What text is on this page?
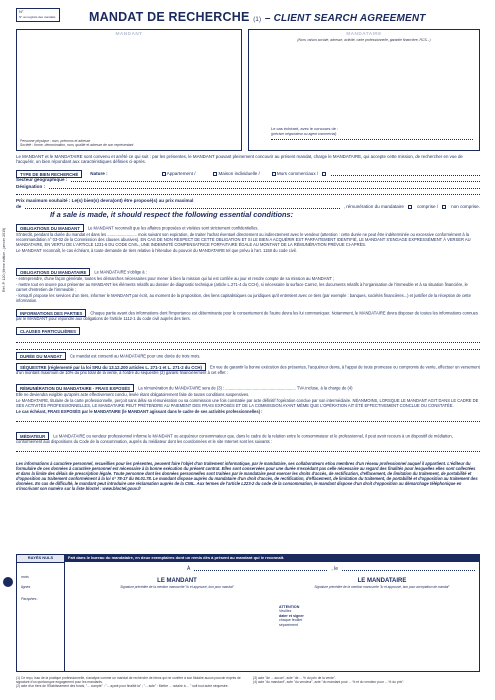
Réf. P. 120 (6ème édition - janvier 2019)
N°
N° au registre des mandats	MANDAT DE RECHERCHE (1) – CLIENT SEARCH AGREEMENT
MANDANT
Personne physique : nom, prénoms et adresse
Société : forme, dénomination, nom, qualité et adresse de son représentant
MANDATAIRE
(Nom, raison sociale, adresse, activité, carte professionnelle, garantie financière, RCS...)
Le cas échéant, avec le concours de :
(préciser négociateur ou agent commercial)
Le MANDANT et le MANDATAIRE sont convenu et arrêté ce qui suit : par les présentes, le MANDANT pouvant pleinement concourir au présent mandat, charge le MANDATAIRE, qui accepte cette mission, de rechercher en vue de l'acquérir, un bien répondant aux caractéristiques définies ci-après.
TYPE DE BIEN RECHERCHÉ	Nature :	Appartement /	Maison individuelle /	Murs commerciaux /
Secteur géographique :
Désignation :
Prix maximum souhaité : Le(s) bien(s) devra(ont) être proposé(s) au prix maximal
de	, rémunération du mandataire	comprise /	non comprise.
If a sale is made, it should respect the following essential conditions:

OBLIGATIONS DU MANDANT Le MANDANT reconnaît que les affaires proposées et visitées sont strictement confidentielles.

S'interdit, pendant la durée du mandat et dans les .......................... mois suivant son expiration, de traiter l'achat éventuel directement ou indirectement avec le vendeur (attention : cette durée ne peut être indéterminée ou excessive conformément à la recommandation n° 03-02 de la Commission des clauses abusives). EN CAS DE NON RESPECT DE CETTE OBLIGATION ET SI LE BIEN A ACQUÉRIR EST PARFAITEMENT IDENTIFIÉ, LE MANDANT S'ENGAGE EXPRESSÉMENT À VERSER AU MANDATAIRE, EN VERTU DE L'ARTICLE 1231-5 DU CODE CIVIL, UNE INDEMNITÉ COMPENSATRICE FORFAITAIRE ÉGALE AU MONTANT DE LA RÉMUNÉRATION PRÉVUE CI-APRÈS.

Le MANDANT reconnaît, le cas échéant, à toute demande de tiers relative à l'étendue du pouvoir du MANDATAIRE tel que prévu à l'art. 1158 du code civil.

OBLIGATIONS DU MANDATAIRE Le MANDATAIRE s'oblige à :

- entreprendre, d'une façon générale, toutes les démarches nécessaires pour mener à bien la mission qui lui est confiée au jour et rendre compte de sa mission au MANDANT ;

- mettre tout en œuvre pour présenter au MANDANT les éléments relatifs au dossier de diagnostic technique (article L.271-4 du CCH), si nécessaire la surface Carrez, les documents relatifs à l'organisation de l'immeuble et à sa situation financière, le carnet d'entretien de l'immeuble ;

- lorsqu'il propose les services d'un tiers, informer le MANDANT par écrit, au moment de la proposition, des liens capitalistiques ou juridiques qu'il entretient avec ce tiers (par exemple : banques, sociétés financières...) et justifier de la réception de cette information.

INFORMATIONS DES PARTIES Chaque partie avant des informations dont l'importance est déterminante pour le consentement de l'autre devra les lui communiquer. Notamment, le MANDATAIRE devra disposer de toutes les informations connues par le MANDANT pour répondre aux obligations de l'article 1112-1 du code civil auprès des tiers.

CLAUSES PARTICULIÈRES

DURÉE DU MANDAT Ce mandat est consenti au MANDATAIRE pour une durée de trois mois.

SÉQUESTRE (réglementé par la loi SRU du 13.12.200 articles L. 271-1 et L. 271-2 du CCH) En vue de garantir la bonne exécution des présentes, l'acquéreur devra, à l'appui de toute promesse ou compromis de vente, effectuer un versement d'un montant maximum de 10% du prix total de la vente, à l'ordre du séquestre (2) garanti financièrement à cet effet :

RÉMUNÉRATION DU MANDATAIRE - FRAIS EXPOSÉS La rémunération du MANDATAIRE sera de (3) : .............................................................. TVA incluse, à la charge de (4)

Elle ne deviendra exigible qu'après acte effectivement conclu, levée étant obligatoirement faite de toutes conditions suspensives.

Le MANDATAIRE, titulaire de la carte professionnelle, perçoit sans délai sa rémunération ou sa commission une fois constatée par acte définitif l'opération conclue par son intermédiaire. NÉANMOINS, LORSQUE LE MANDANT AGIT DANS LE CADRE DE SES ACTIVITÉS PROFESSIONNELLES, LE MANDATAIRE PEUT PRÉTENDRE AU PAIEMENT DES FRAIS EXPOSÉS ET DE LA COMMISSION AYANT MÊME QUE L'OPÉRATION AIT ÉTÉ EFFECTIVEMENT CONCLUE OU CONSTATÉE.

Le cas échéant, FRAIS EXPOSÉS par le MANDATAIRE (le MANDANT agissant dans le cadre de ses activités professionnelles) :

MÉDIATEUR Le MANDATAIRE ou vendeur professionnel informe le MANDANT ou acquéreur consommateur que, dans le cadre de la relation entre le consommateur et le professionnel, il peut avoir recours à un dispositif de médiation, conformément aux dispositions du Code de la consommation, auprès du médiateur dont les coordonnées et le site Internet sont les suivants :

Les informations à caractère personnel, recueillies pour les présentes, peuvent faire l'objet d'un traitement informatique, par le mandataire, ses collaborateurs et/ou membres d'un réseau professionnel auquel il appartient. L'éditeur du formulaire de ces données à caractère personnel est nécessaire à la bonne exécution du présent contrat. Elles sont conservées pour une durée n'excédant pas celle nécessaire au regard des finalités pour lesquelles elles sont collectées et dans la limite des délais de prescription légale. Toute personne dont les données personnelles sont traitées par le mandataire peut exercer les droits d'accès, de rectification, d'effacement, de limitation du traitement, de portabilité et d'opposition au traitement conformément à la loi n° 78-17 du 06.01.78. Le mandant dispose auprès du mandataire d'un droit d'accès, de rectification, d'effacement, de limitation du traitement, de portabilité et d'opposition au traitement des données. En cas de difficulté, le mandant peut introduire une réclamation auprès de la CNIL. Aux termes de l'article L223-2 du code de la consommation, le mandant dispose d'un droit d'opposition au démarchage téléphonique en s'inscrivant son numéro sur la liste bloctel : www.bloctel.gouv.fr
RAYÉS NULS
mots
lignes
Paraphes :
Fait dans le bureau du mandataire, en deux exemplaires dont un remis dès à présent au mandant qui le reconnaît.
À	, le
LE MANDANT
Signature précédée de la mention manuscrite "lu et approuvé, bon pour mandat"
LE MANDATAIRE
Signature précédée de la mention manuscrite "lu et approuvé, bon pour acceptation de mandat"
ATTENTION
Veuillez
dater et signer
chaque feuillet
séparément
(1) Ce reçu, issu de la pratique professionnelle, s'analyse comme un mandat de recherche de biens qui ne confère à son titulaire aucun pouvoir exprès de signature d'un quelconque engagement pour les mandants.
(2) acte d'un tiers de l'Établissement des fonds, "... compte" : "... ayant pour finalité la" ; "... acte" : Mettre ... notaire à ... " soit tout autre séquestre.
(3) acte "de ... aucun", acte "de ... % du prix de la vente".
(4) acte "du mandant", acte "du vendeur", acte "du mandant pour ... % et du vendeur pour ... % du prix".
